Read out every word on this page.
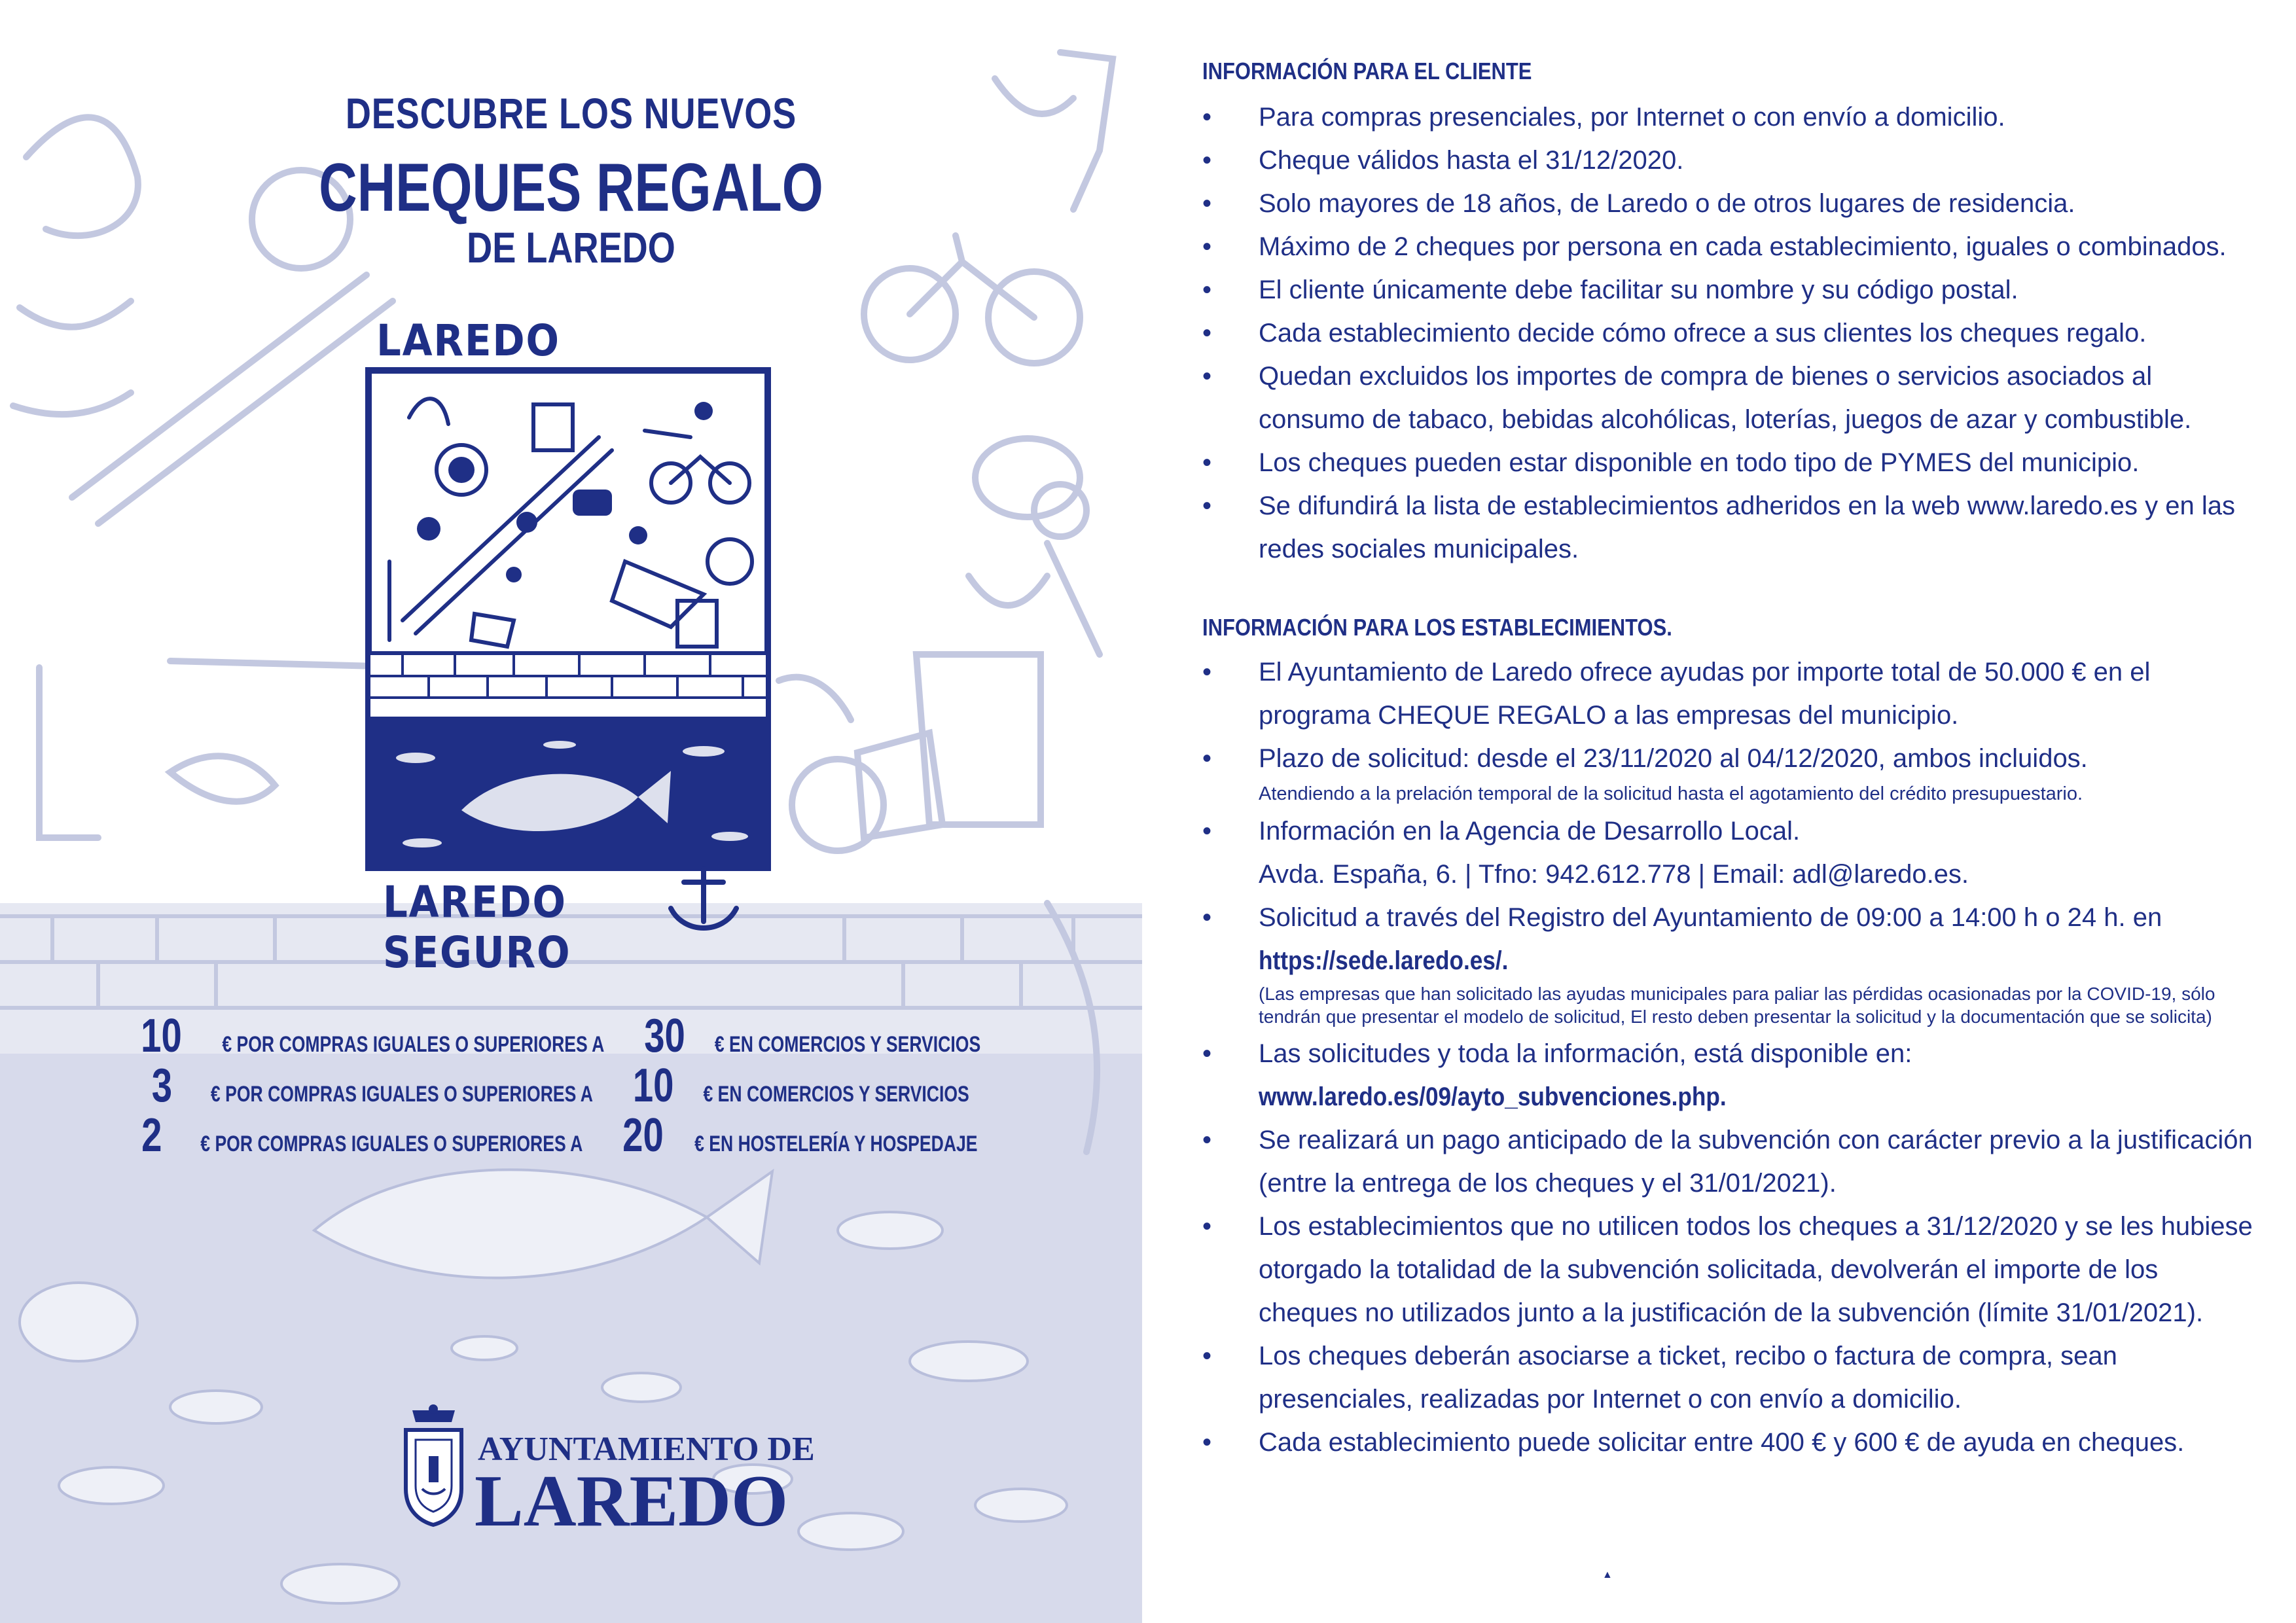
DESCUBRE LOS NUEVOS
CHEQUES REGALO
DE LAREDO
LAREDO
LAREDO SEGURO
10 € POR COMPRAS IGUALES O SUPERIORES A 30 € EN COMERCIOS Y SERVICIOS
3 € POR COMPRAS IGUALES O SUPERIORES A 10 € EN COMERCIOS Y SERVICIOS
2 € POR COMPRAS IGUALES O SUPERIORES A 20 € EN HOSTELERÍA Y HOSPEDAJE
AYUNTAMIENTO DE
LAREDO
INFORMACIÓN PARA EL CLIENTE
• Para compras presenciales, por Internet o con envío a domicilio.
• Cheque válidos hasta el 31/12/2020.
• Solo mayores de 18 años, de Laredo o de otros lugares de residencia.
• Máximo de 2 cheques por persona en cada establecimiento, iguales o combinados.
• El cliente únicamente debe facilitar su nombre y su código postal.
• Cada establecimiento decide cómo ofrece a sus clientes los cheques regalo.
• Quedan excluidos los importes de compra de bienes o servicios asociados al consumo de tabaco, bebidas alcohólicas, loterías, juegos de azar y combustible.
• Los cheques pueden estar disponible en todo tipo de PYMES del municipio.
• Se difundirá la lista de establecimientos adheridos en la web www.laredo.es y en las redes sociales municipales.
INFORMACIÓN PARA LOS ESTABLECIMIENTOS.
• El Ayuntamiento de Laredo ofrece ayudas por importe total de 50.000 € en el programa CHEQUE REGALO a las empresas del municipio.
• Plazo de solicitud: desde el 23/11/2020 al 04/12/2020, ambos incluidos.
Atendiendo a la prelación temporal de la solicitud hasta el agotamiento del crédito presupuestario.
• Información en la Agencia de Desarrollo Local.
Avda. España, 6. | Tfno: 942.612.778 | Email: adl@laredo.es.
• Solicitud a través del Registro del Ayuntamiento de 09:00 a 14:00 h o 24 h. en https://sede.laredo.es/.
(Las empresas que han solicitado las ayudas municipales para paliar las pérdidas ocasionadas por la COVID-19, sólo tendrán que presentar el modelo de solicitud, El resto deben presentar la solicitud y la documentación que se solicita)
• Las solicitudes y toda la información, está disponible en:
www.laredo.es/09/ayto_subvenciones.php.
• Se realizará un pago anticipado de la subvención con carácter previo a la justificación (entre la entrega de los cheques y el 31/01/2021).
• Los establecimientos que no utilicen todos los cheques a 31/12/2020 y se les hubiese otorgado la totalidad de la subvención solicitada, devolverán el importe de los cheques no utilizados junto a la justificación de la subvención (límite 31/01/2021).
• Los cheques deberán asociarse a ticket, recibo o factura de compra, sean presenciales, realizadas por Internet o con envío a domicilio.
• Cada establecimiento puede solicitar entre 400 € y 600 € de ayuda en cheques.
▲
